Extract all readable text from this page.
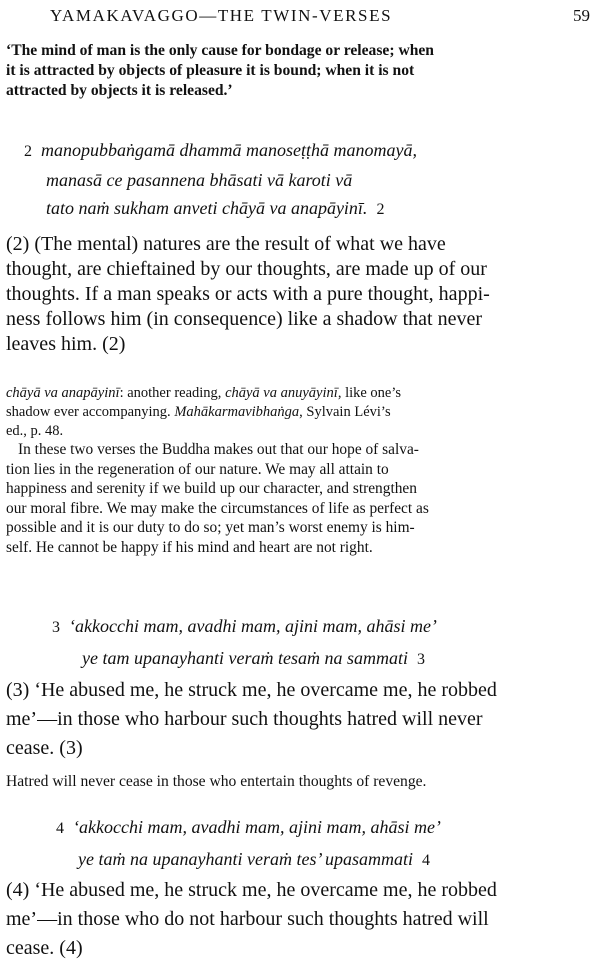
YAMAKAVAGGO—THE TWIN-VERSES	59
‘The mind of man is the only cause for bondage or release; when
it is attracted by objects of pleasure it is bound; when it is not
attracted by objects it is released.’
2 manopubbaṅgamā dhammā manoseṭṭhā manomayā,
manasā ce pasannena bhāsati vā karoti vā
tato naṁ sukham anveti chāyā va anapāyinī. 2
(2) (The mental) natures are the result of what we have
thought, are chieftained by our thoughts, are made up of our
thoughts. If a man speaks or acts with a pure thought, happi-
ness follows him (in consequence) like a shadow that never
leaves him. (2)
chāyā va anapāyinī: another reading, chāyā va anuyāyinī, like one’s
shadow ever accompanying. Mahākarmavibhaṅga, Sylvain Lévi’s
ed., p. 48.
In these two verses the Buddha makes out that our hope of salva-
tion lies in the regeneration of our nature. We may all attain to
happiness and serenity if we build up our character, and strengthen
our moral fibre. We may make the circumstances of life as perfect as
possible and it is our duty to do so; yet man’s worst enemy is him-
self. He cannot be happy if his mind and heart are not right.
3 ‘akkocchi mam, avadhi mam, ajini mam, ahāsi me’
ye tam upanayhanti veraṁ tesaṁ na sammati 3
(3) ‘He abused me, he struck me, he overcame me, he robbed
me’—in those who harbour such thoughts hatred will never
cease. (3)
Hatred will never cease in those who entertain thoughts of revenge.
4 ‘akkocchi mam, avadhi mam, ajini mam, ahāsi me’
ye taṁ na upanayhanti veraṁ tes’ upasammati 4
(4) ‘He abused me, he struck me, he overcame me, he robbed
me’—in those who do not harbour such thoughts hatred will
cease. (4)
